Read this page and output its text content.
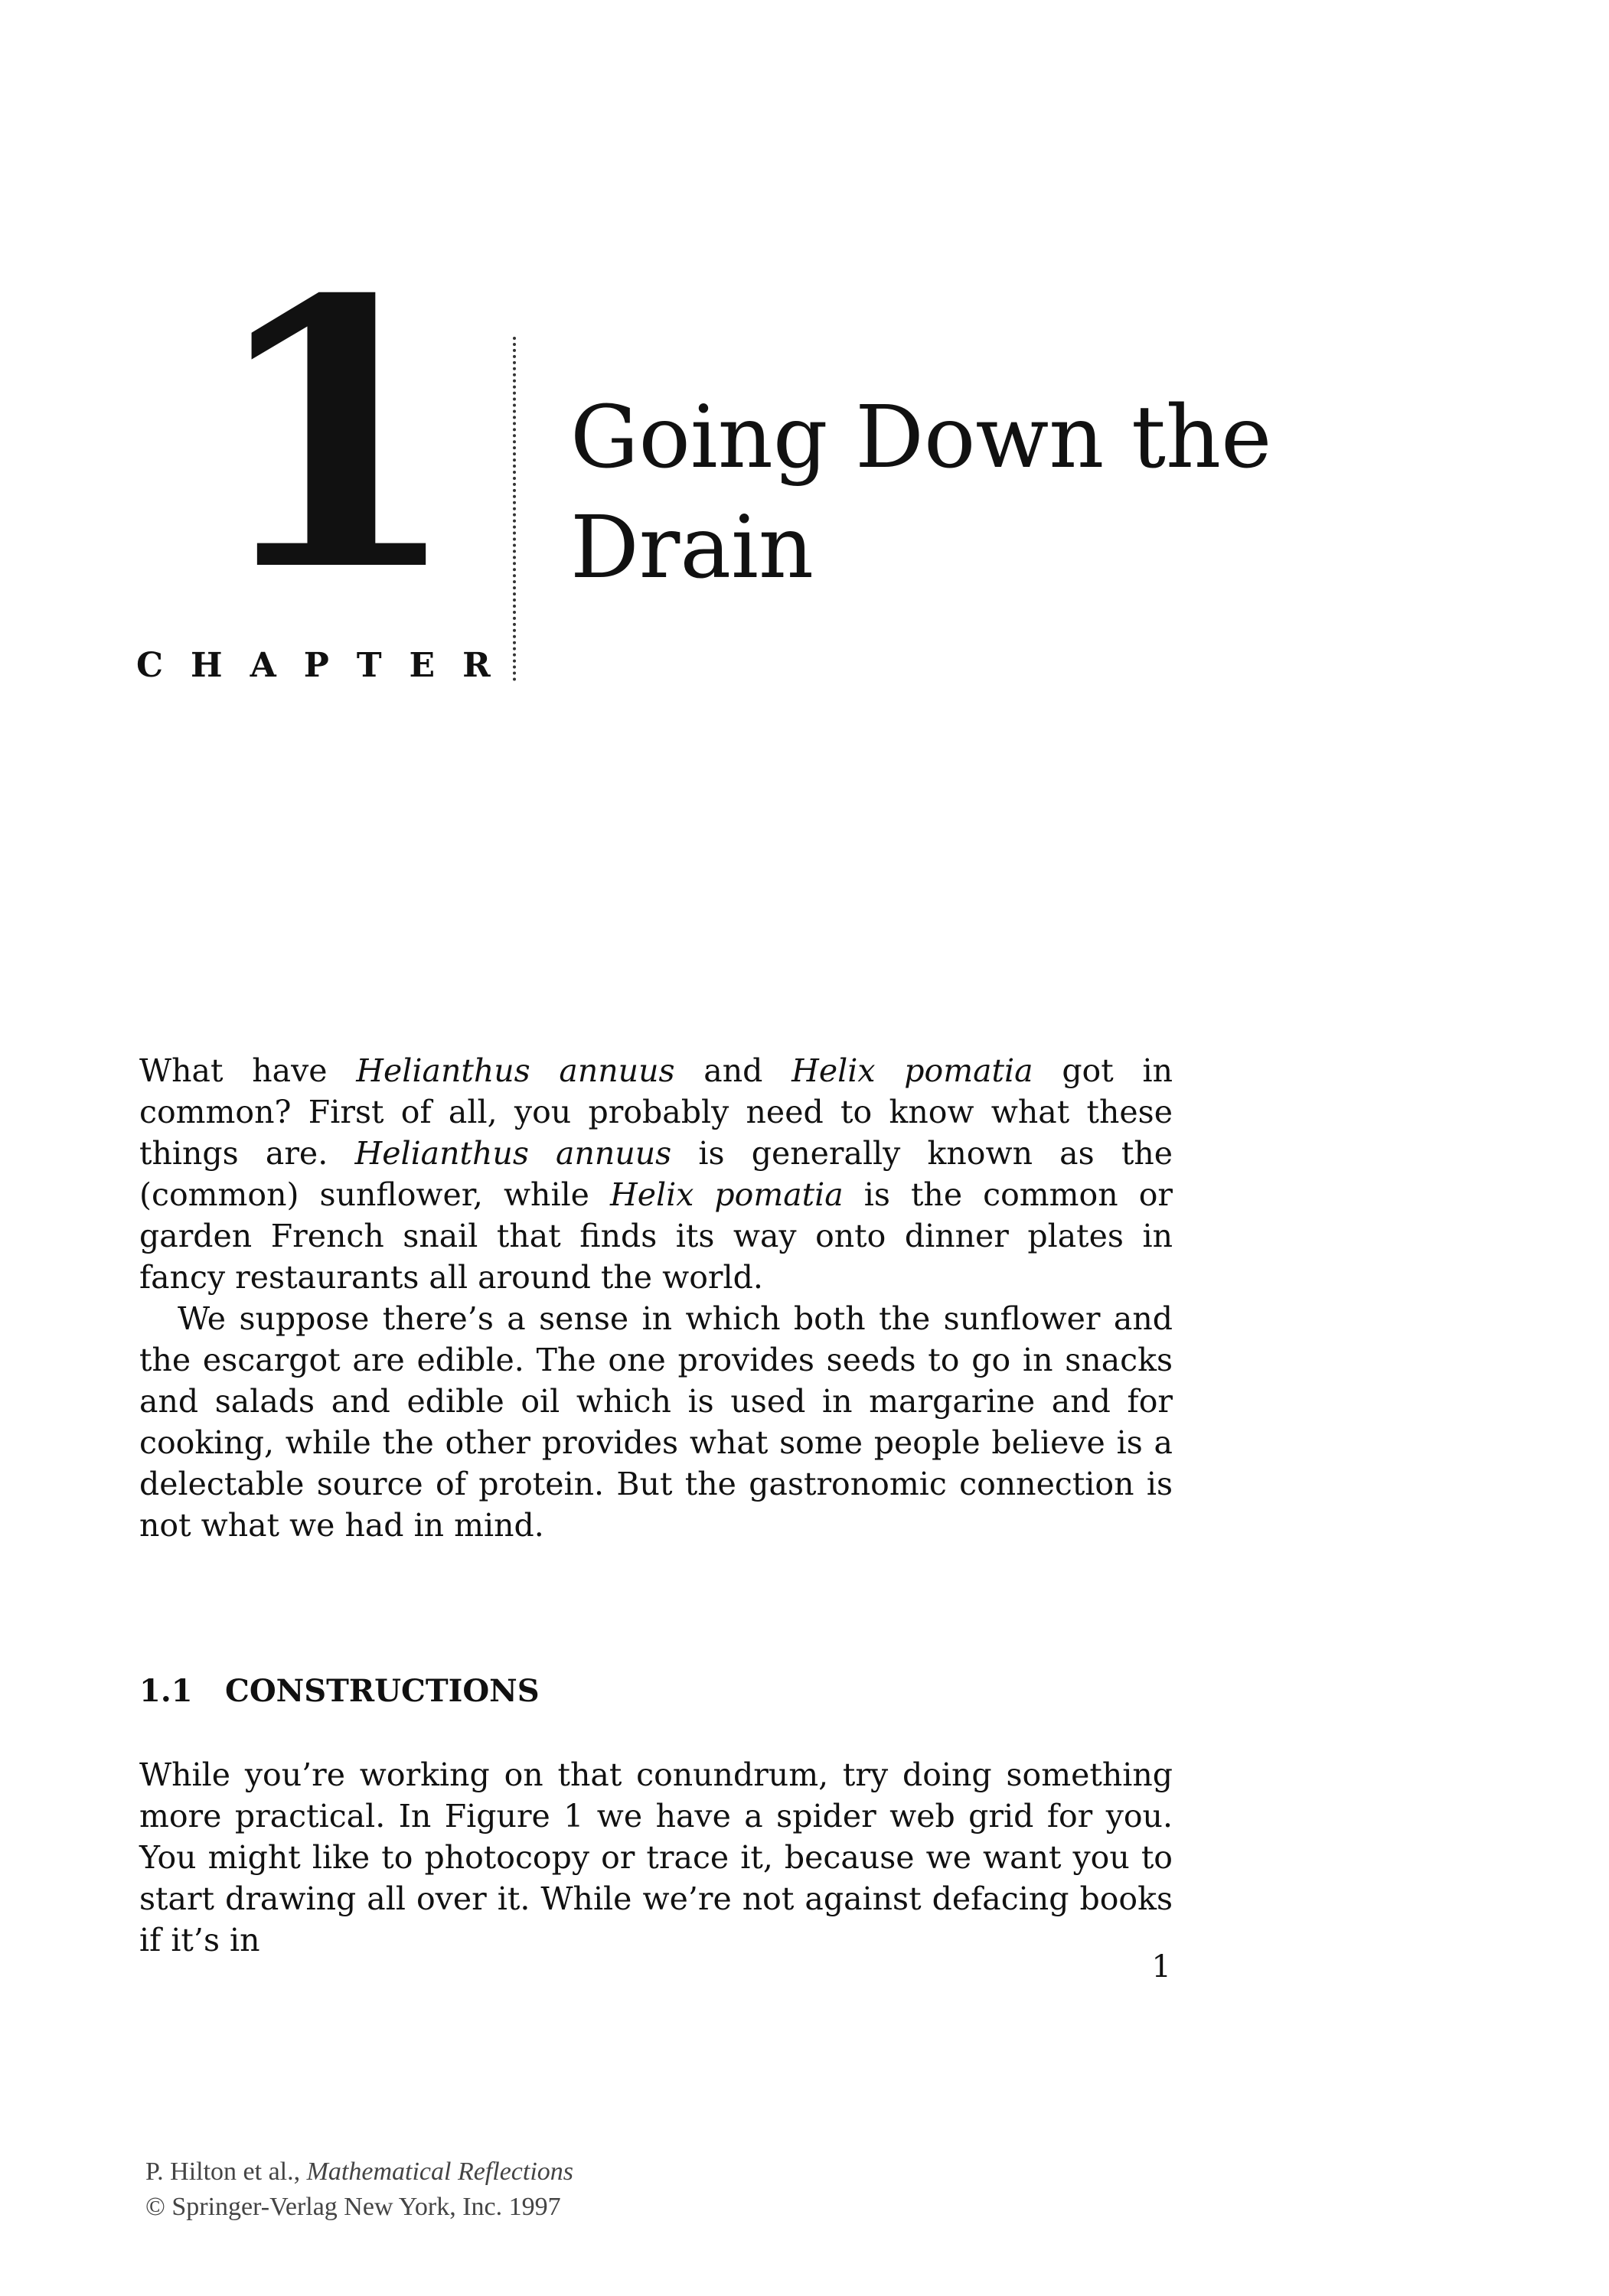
1
CHAPTER
Going Down the
Drain

What have Helianthus annuus and Helix pomatia got in common? First of all, you probably need to know what these things are. Helianthus annuus is generally known as the (common) sunflower, while Helix pomatia is the common or garden French snail that finds its way onto dinner plates in fancy restaurants all around the world.

We suppose there’s a sense in which both the sunflower and the escargot are edible. The one provides seeds to go in snacks and salads and edible oil which is used in margarine and for cooking, while the other provides what some people believe is a delectable source of protein. But the gastronomic connection is not what we had in mind.

1.1 CONSTRUCTIONS

While you’re working on that conundrum, try doing something more practical. In Figure 1 we have a spider web grid for you. You might like to photocopy or trace it, because we want you to start drawing all over it. While we’re not against defacing books if it’s in

1
P. Hilton et al., Mathematical Reflections
© Springer-Verlag New York, Inc. 1997
